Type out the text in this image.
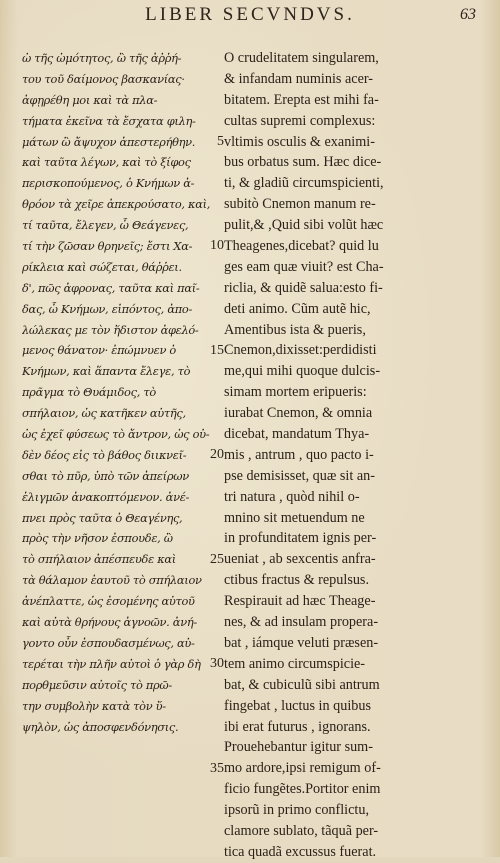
LIBER SECVNDVS.	63
ὠ τῆς ὠμότητος, ὢ τῆς ἀῤῥή-
του τοῦ δαίμονος βασκανίας·
ἀφῃρέθη μοι καὶ τὰ πλα-
τήματα ἐκεῖνα τὰ ἔσχατα φιλη-
μάτων ὢ ἄψυχον ἀπεστερήθην.
καὶ ταῦτα λέγων, καὶ τὸ ξίφος
περισκοπούμενος, ὁ Κνήμων ἀ-
θρόον τὰ χεῖρε ἀπεκρούσατο, καὶ,
τί ταῦτα, ἔλεγεν, ὦ Θεάγενες,
τί τὴν ζῶσαν θρηνεῖς; ἔστι Χα-
ρίκλεια καὶ σώζεται, θάῤῥει.
δ', πῶς ἀφρονας, ταῦτα καὶ παῖ-
δας, ὦ Κνήμων, εἰπόντος, ἀπο-
λώλεκας με τὸν ἥδιστον ἀφελό-
μενος θάνατον· ἐπώμνυεν ὁ
Κνήμων, καὶ ἅπαντα ἔλεγε, τὸ
πρᾶγμα τὸ Θυάμιδος, τὸ
σπήλαιον, ὡς κατῆκεν αὐτῆς,
ὡς ἐχεῖ φύσεως τὸ ἄντρον, ὡς οὐ-
δὲν δέος εἰς τὸ βάθος διικνεῖ-
σθαι τὸ πῦρ, ὑπὸ τῶν ἀπείρων
ἑλιγμῶν ἀνακοπτόμενον. ἀνέ-
πνει πρὸς ταῦτα ὁ Θεαγένης,
πρὸς τὴν νῆσον ἐσπουδε, ὢ
τὸ σπήλαιον ἀπέσπευδε καὶ
τὰ θάλαμον ἑαυτοῦ τὸ σπήλαιον
ἀνέπλαττε, ὡς ἐσομένης αὐτοῦ
καὶ αὐτὰ θρήνους ἀγνοῶν. ἀνή-
γοντο οὖν ἐσπουδασμένως, αὐ-
τερέται τὴν πλῆν αὐτοὶ ὁ γὰρ δὴ
πορθμεῦσιν αὐτοῖς τὸ πρῶ-
την συμβολὴν κατὰ τὸν ὕ-
ψηλὸν, ὡς ἀποσφενδόνησις.
5
10
15
20
25
30
35
O crudelitatem singularem,
& infandam numinis acer-
bitatem. Erepta est mihi fa-
cultas supremi complexus:
vltimis osculis & exanimi-
bus orbatus sum. Hæc dice-
ti, & gladiũ circumspicienti,
subitò Cnemon manum re-
pulit,& ,Quid sibi volũt hæc
Theagenes,dicebat? quid lu
ges eam quæ viuit? est Cha-
riclia, & quidẽ salua:esto fi-
deti animo. Cũm autẽ hic,
Amentibus ista & pueris,
Cnemon,dixisset:perdidisti
me,qui mihi quoque dulcis-
simam mortem eripueris:
iurabat Cnemon, & omnia
dicebat, mandatum Thya-
mis , antrum , quo pacto i-
pse demisisset, quæ sit an-
tri natura , quòd nihil o-
mnino sit metuendum ne
in profunditatem ignis per-
ueniat , ab sexcentis anfra-
ctibus fractus & repulsus.
Respirauit ad hæc Theage-
nes, & ad insulam propera-
bat , iámque veluti præsen-
tem animo circumspicie-
bat, & cubiculũ sibi antrum
fingebat , luctus in quibus
ibi erat futurus , ignorans.
Prouehebantur igitur sum-
mo ardore,ipsi remigum of-
ficio fungẽtes.Portitor enim
ipsorũ in primo conflictu,
clamore sublato, tãquã per-
tica quadã excussus fuerat.
